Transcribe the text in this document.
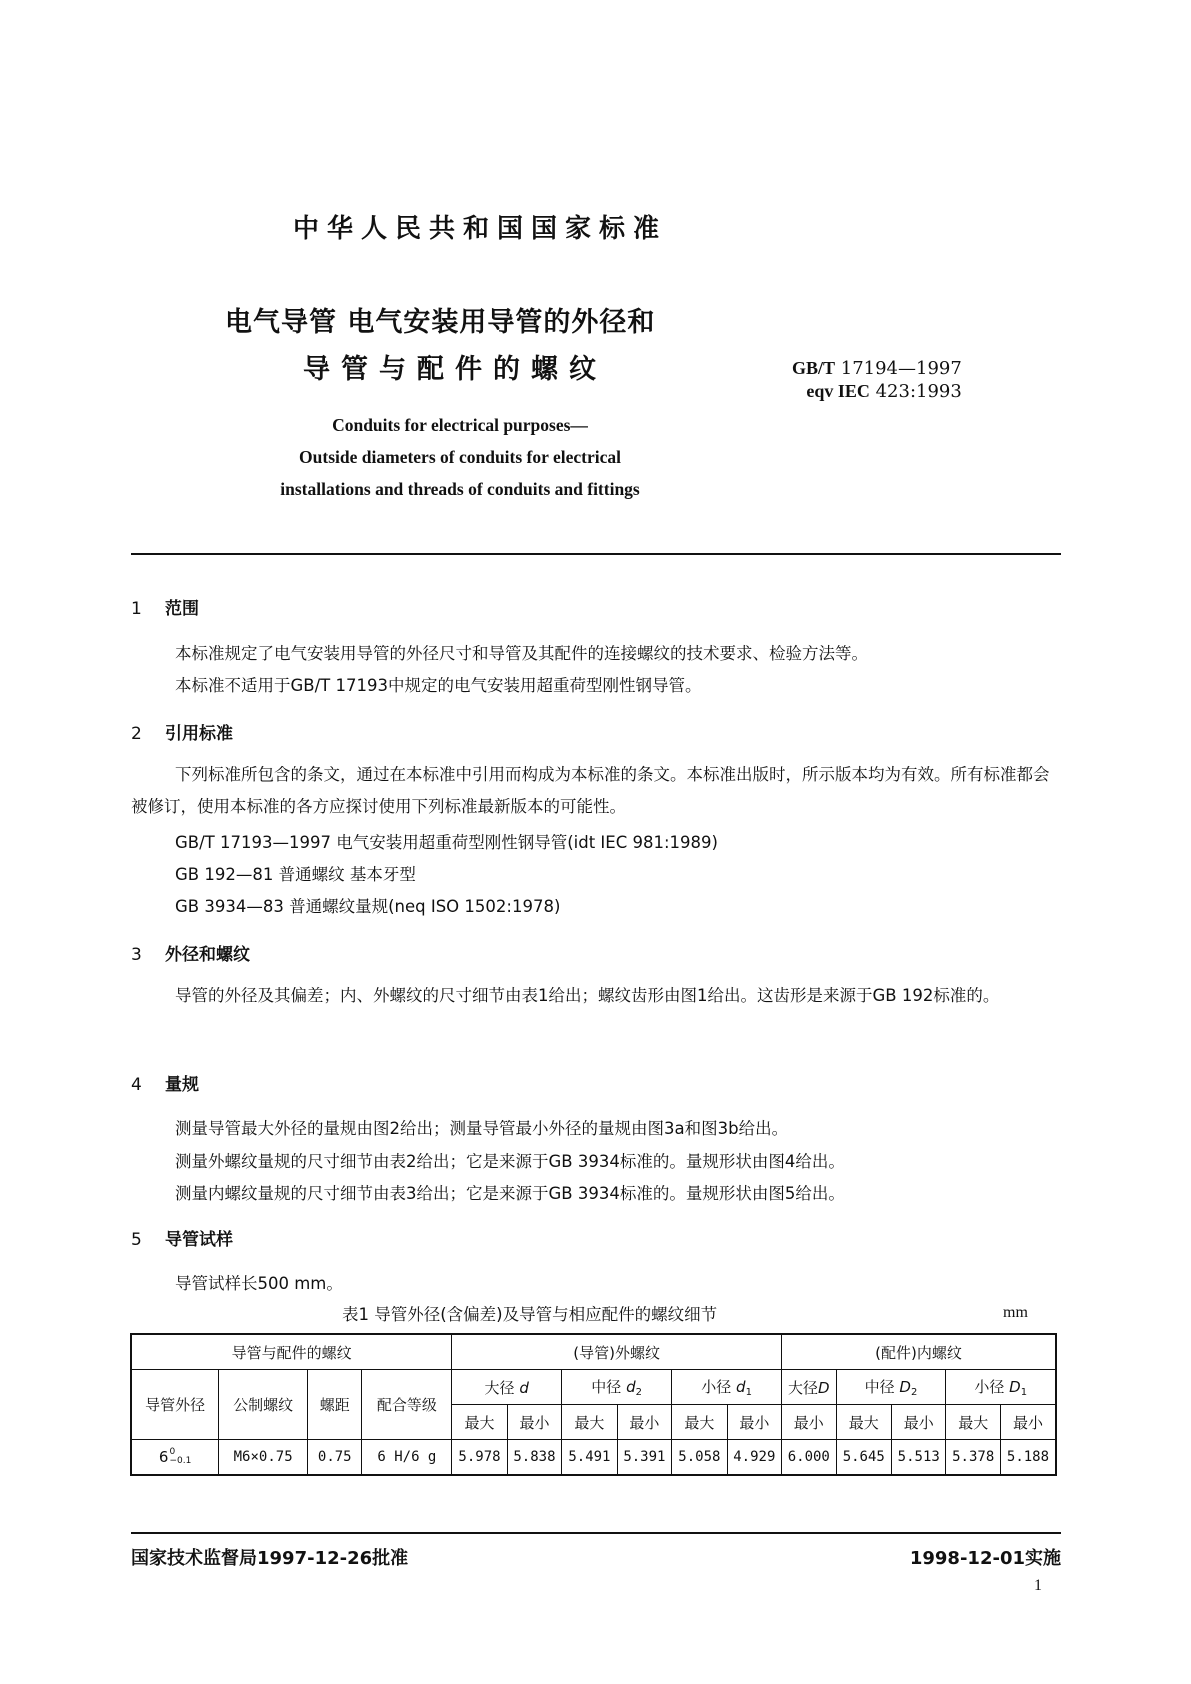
中华人民共和国国家标准
电气导管 电气安装用导管的外径和
导管与配件的螺纹	GB/T 17194—1997
eqv IEC 423:1993
Conduits for electrical purposes—
Outside diameters of conduits for electrical
installations and threads of conduits and fittings
1 范围
本标准规定了电气安装用导管的外径尺寸和导管及其配件的连接螺纹的技术要求、检验方法等。
本标准不适用于GB/T 17193中规定的电气安装用超重荷型刚性钢导管。
2 引用标准
下列标准所包含的条文，通过在本标准中引用而构成为本标准的条文。本标准出版时，所示版本均为有效。所有标准都会被修订，使用本标准的各方应探讨使用下列标准最新版本的可能性。
GB/T 17193—1997 电气安装用超重荷型刚性钢导管(idt IEC 981:1989)
GB 192—81 普通螺纹 基本牙型
GB 3934—83 普通螺纹量规(neq ISO 1502:1978)
3 外径和螺纹
导管的外径及其偏差；内、外螺纹的尺寸细节由表1给出；螺纹齿形由图1给出。这齿形是来源于GB 192标准的。
4 量规
测量导管最大外径的量规由图2给出；测量导管最小外径的量规由图3a和图3b给出。
测量外螺纹量规的尺寸细节由表2给出；它是来源于GB 3934标准的。量规形状由图4给出。
测量内螺纹量规的尺寸细节由表3给出；它是来源于GB 3934标准的。量规形状由图5给出。
5 导管试样
导管试样长500 mm。
表1 导管外径(含偏差)及导管与相应配件的螺纹细节	mm
导管与配件的螺纹				(导管)外螺纹						(配件)内螺纹				
导管外径	公制螺纹	螺距	配合等级	大径 d		中径 $d_2$		小径 $d_1$		大径D	中径 $D_2$		小径 $D_1$
				最大	最小	最大	最小	最大	最小	最小	最大	最小	最大	最小
60
−0.1	M6×0.75	0.75	6 H/6 g	5.978	5.838	5.491	5.391	5.058	4.929	6.000	5.645	5.513	5.378	5.188
国家技术监督局1997-12-26批准	1998-12-01实施
1
